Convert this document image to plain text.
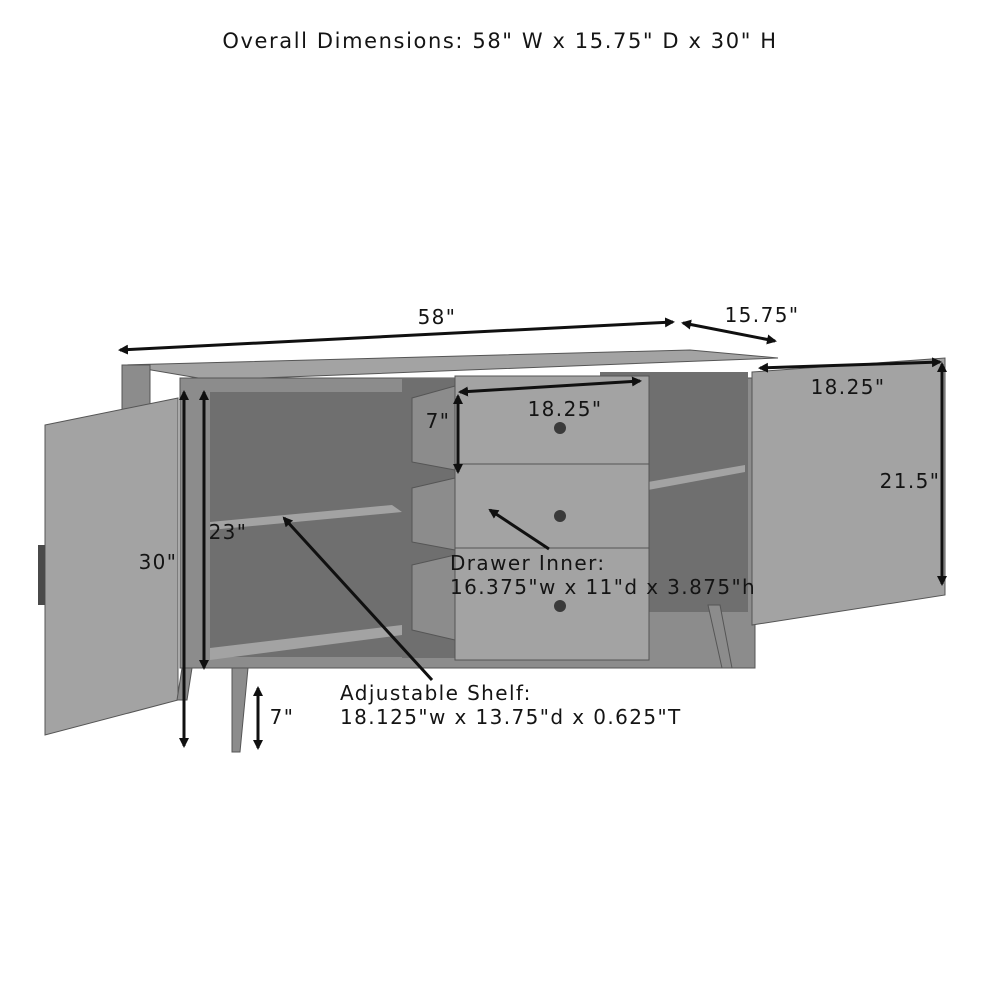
Overall Dimensions: 58" W x 15.75" D x 30" H
58"	15.75"
18.25"
7"
18.25"
21.5"
30"
23"
7"
Drawer Inner:
16.375"w x 11"d x 3.875"h
Adjustable Shelf:
18.125"w x 13.75"d x 0.625"T
